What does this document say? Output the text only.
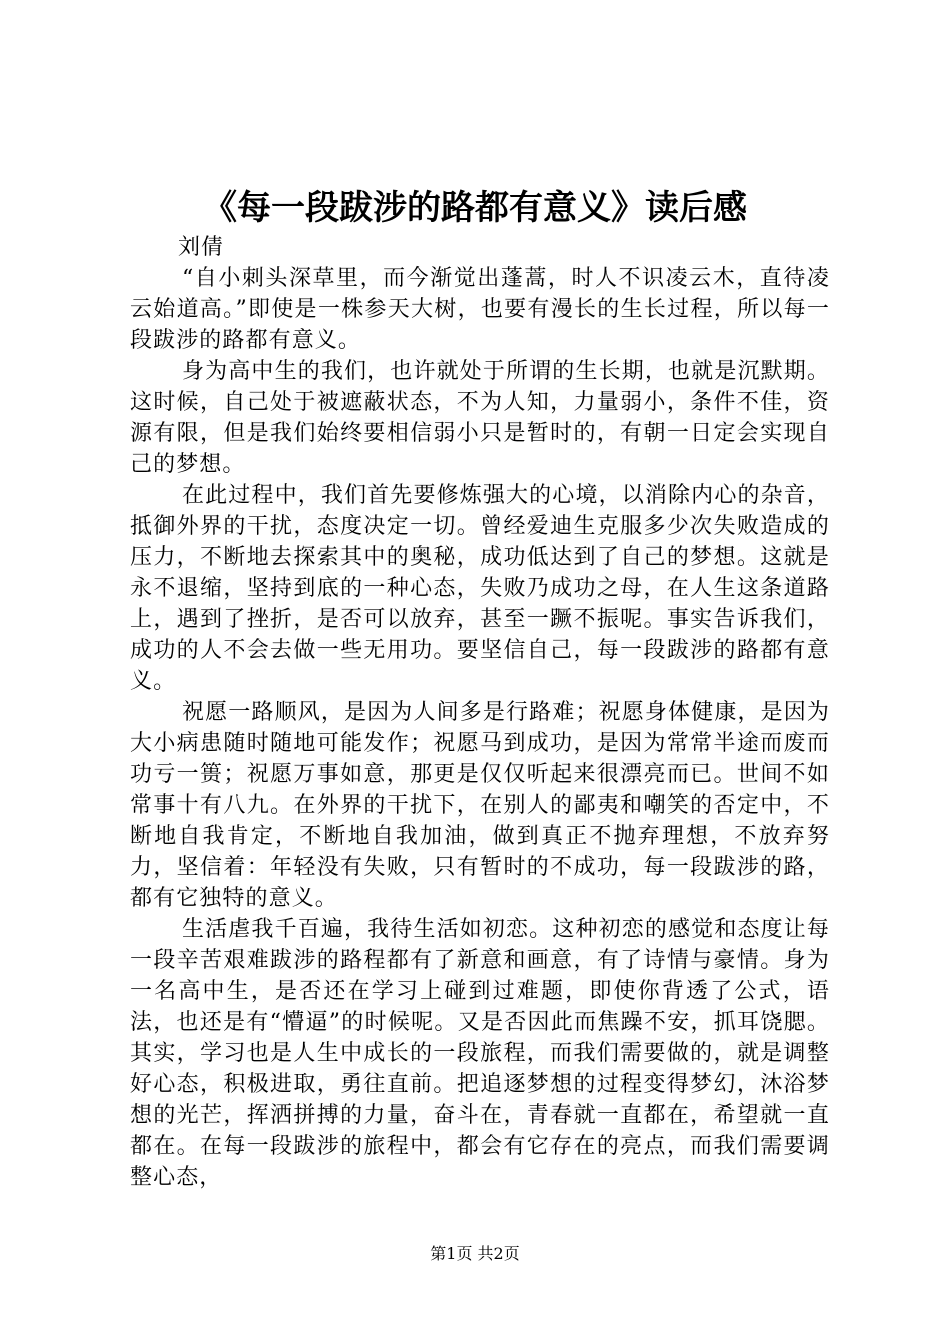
《每一段跋涉的路都有意义》读后感

刘倩

“自小刺头深草里，而今渐觉出蓬蒿，时人不识凌云木，直待凌云始道高。”即使是一株参天大树，也要有漫长的生长过程，所以每一段跋涉的路都有意义。

身为高中生的我们，也许就处于所谓的生长期，也就是沉默期。这时候，自己处于被遮蔽状态，不为人知，力量弱小，条件不佳，资源有限，但是我们始终要相信弱小只是暂时的，有朝一日定会实现自己的梦想。

在此过程中，我们首先要修炼强大的心境，以消除内心的杂音，抵御外界的干扰，态度决定一切。曾经爱迪生克服多少次失败造成的压力，不断地去探索其中的奥秘，成功低达到了自己的梦想。这就是永不退缩，坚持到底的一种心态，失败乃成功之母，在人生这条道路上，遇到了挫折，是否可以放弃，甚至一蹶不振呢。事实告诉我们，成功的人不会去做一些无用功。要坚信自己，每一段跋涉的路都有意义。

祝愿一路顺风，是因为人间多是行路难；祝愿身体健康，是因为大小病患随时随地可能发作；祝愿马到成功，是因为常常半途而废而功亏一篑；祝愿万事如意，那更是仅仅听起来很漂亮而已。世间不如常事十有八九。在外界的干扰下，在别人的鄙夷和嘲笑的否定中，不断地自我肯定，不断地自我加油，做到真正不抛弃理想，不放弃努力，坚信着：年轻没有失败，只有暂时的不成功，每一段跋涉的路，都有它独特的意义。

生活虐我千百遍，我待生活如初恋。这种初恋的感觉和态度让每一段辛苦艰难跋涉的路程都有了新意和画意，有了诗情与豪情。身为一名高中生，是否还在学习上碰到过难题，即使你背透了公式，语法，也还是有“懵逼”的时候呢。又是否因此而焦躁不安，抓耳饶腮。其实，学习也是人生中成长的一段旅程，而我们需要做的，就是调整好心态，积极进取，勇往直前。把追逐梦想的过程变得梦幻，沐浴梦想的光芒，挥洒拼搏的力量，奋斗在，青春就一直都在，希望就一直都在。在每一段跋涉的旅程中，都会有它存在的亮点，而我们需要调整心态，

第1页 共2页
